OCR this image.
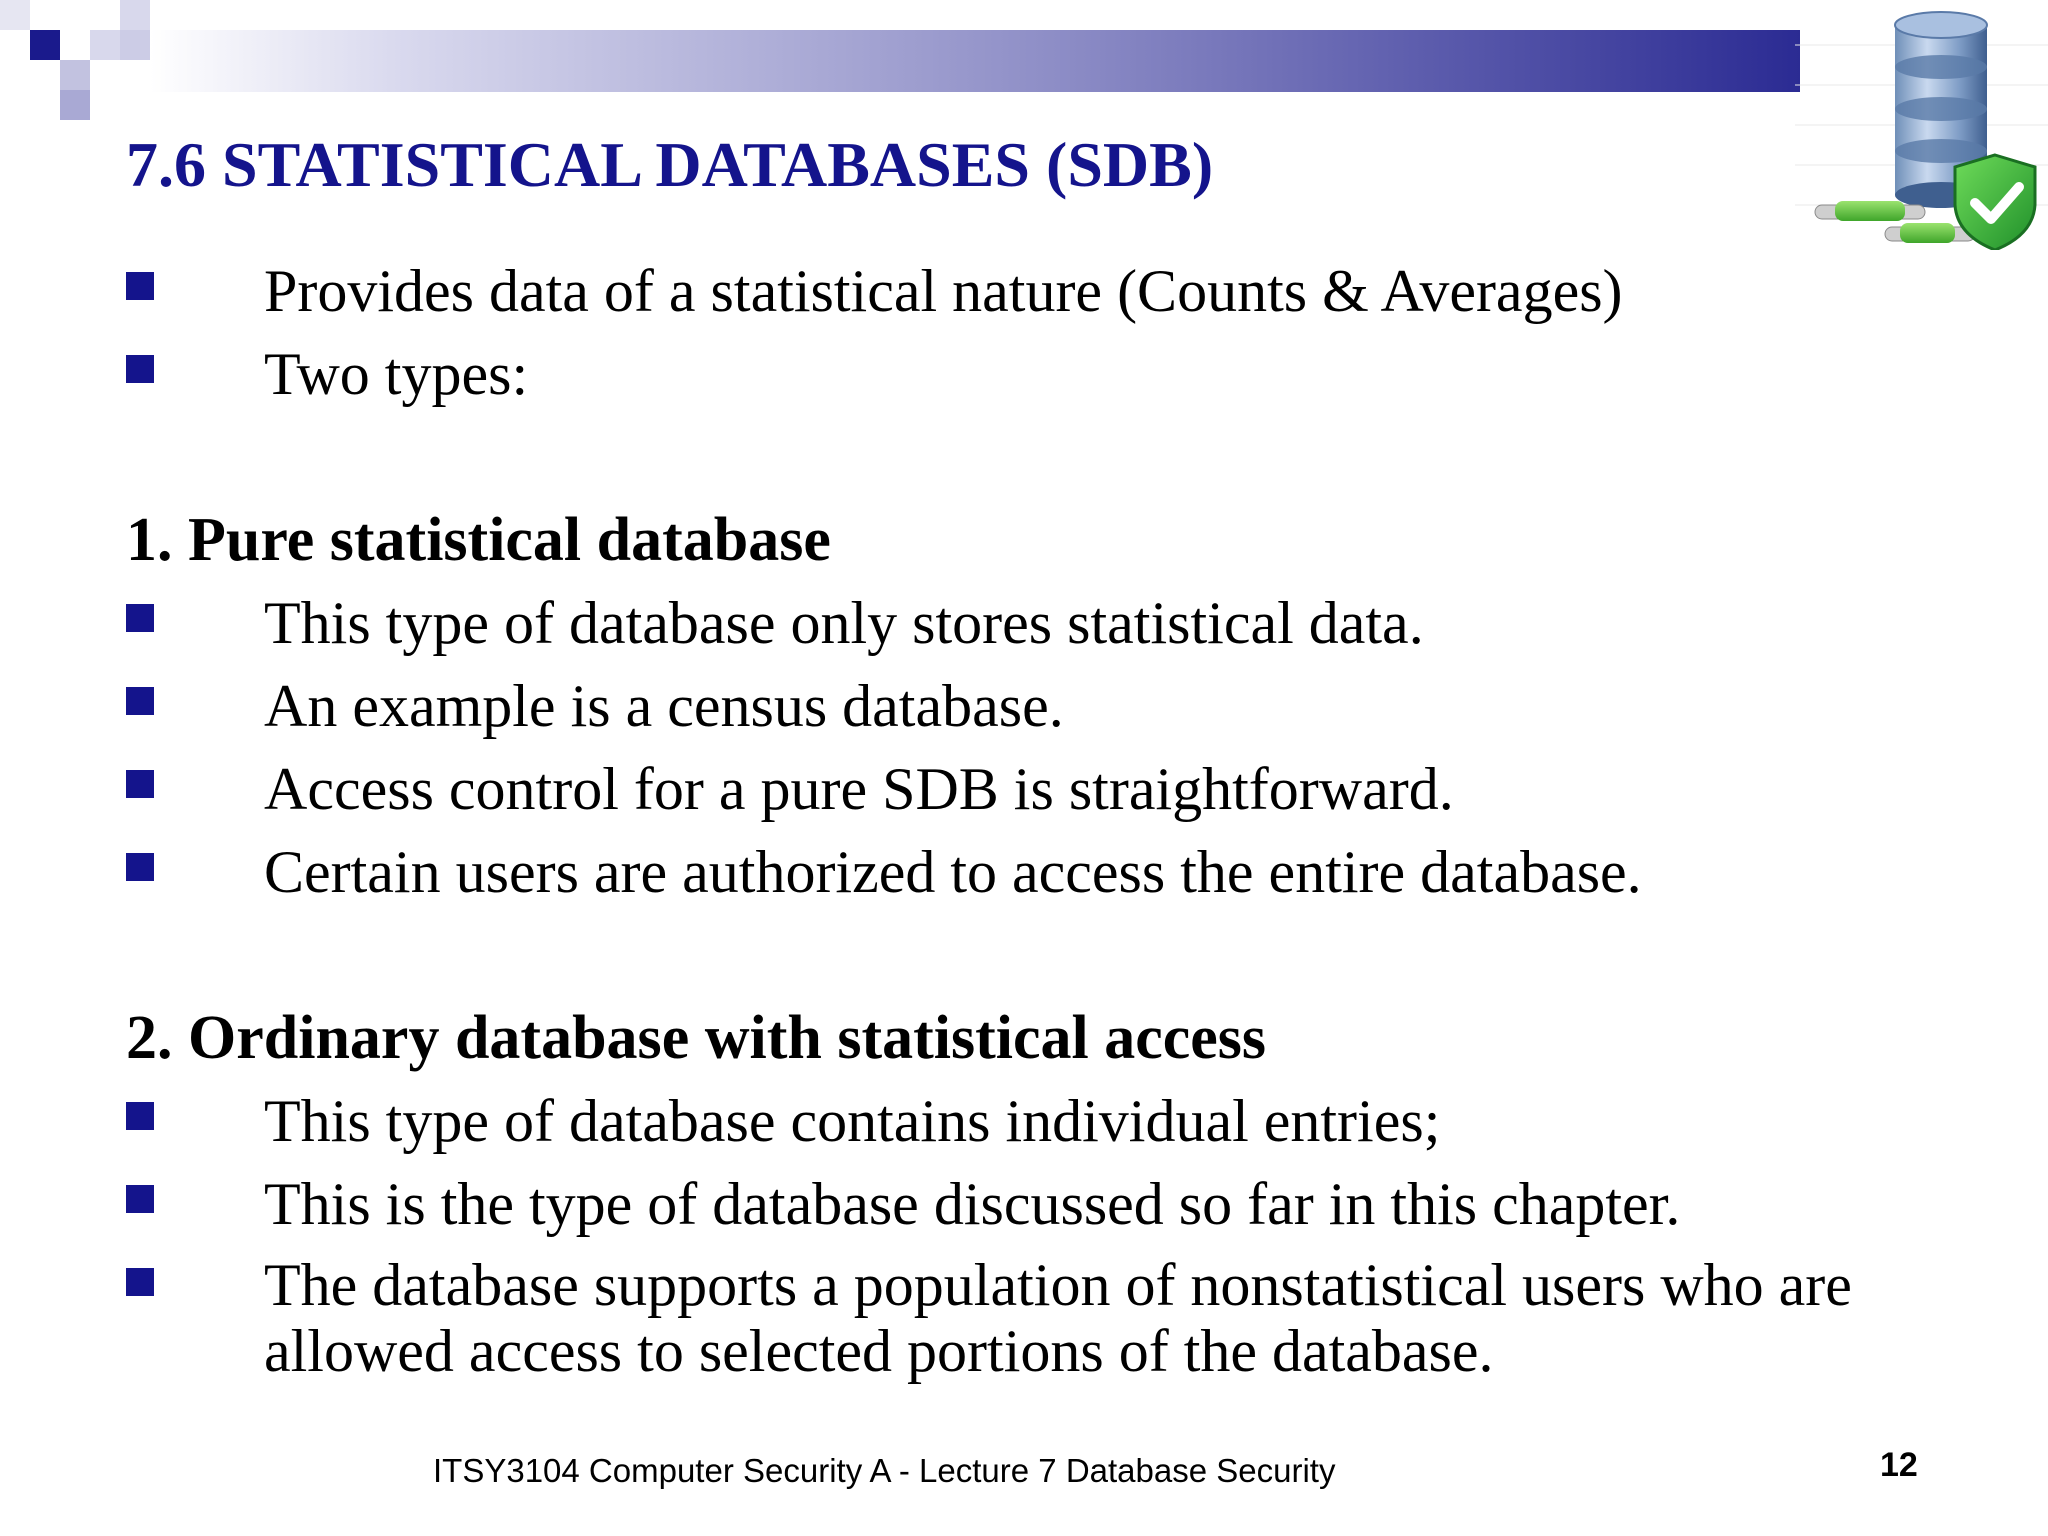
7.6 STATISTICAL DATABASES (SDB)
Provides data of a statistical nature (Counts & Averages)
Two types:
1. Pure statistical database
This type of database only stores statistical data.
An example is a census database.
Access control for a pure SDB is straightforward.
Certain users are authorized to access the entire database.
2. Ordinary database with statistical access
This type of database contains individual entries;
This is the type of database discussed so far in this chapter.
The database supports a population of nonstatistical users who are allowed access to selected portions of the database.
ITSY3104 Computer Security A - Lecture 7 Database Security	12
